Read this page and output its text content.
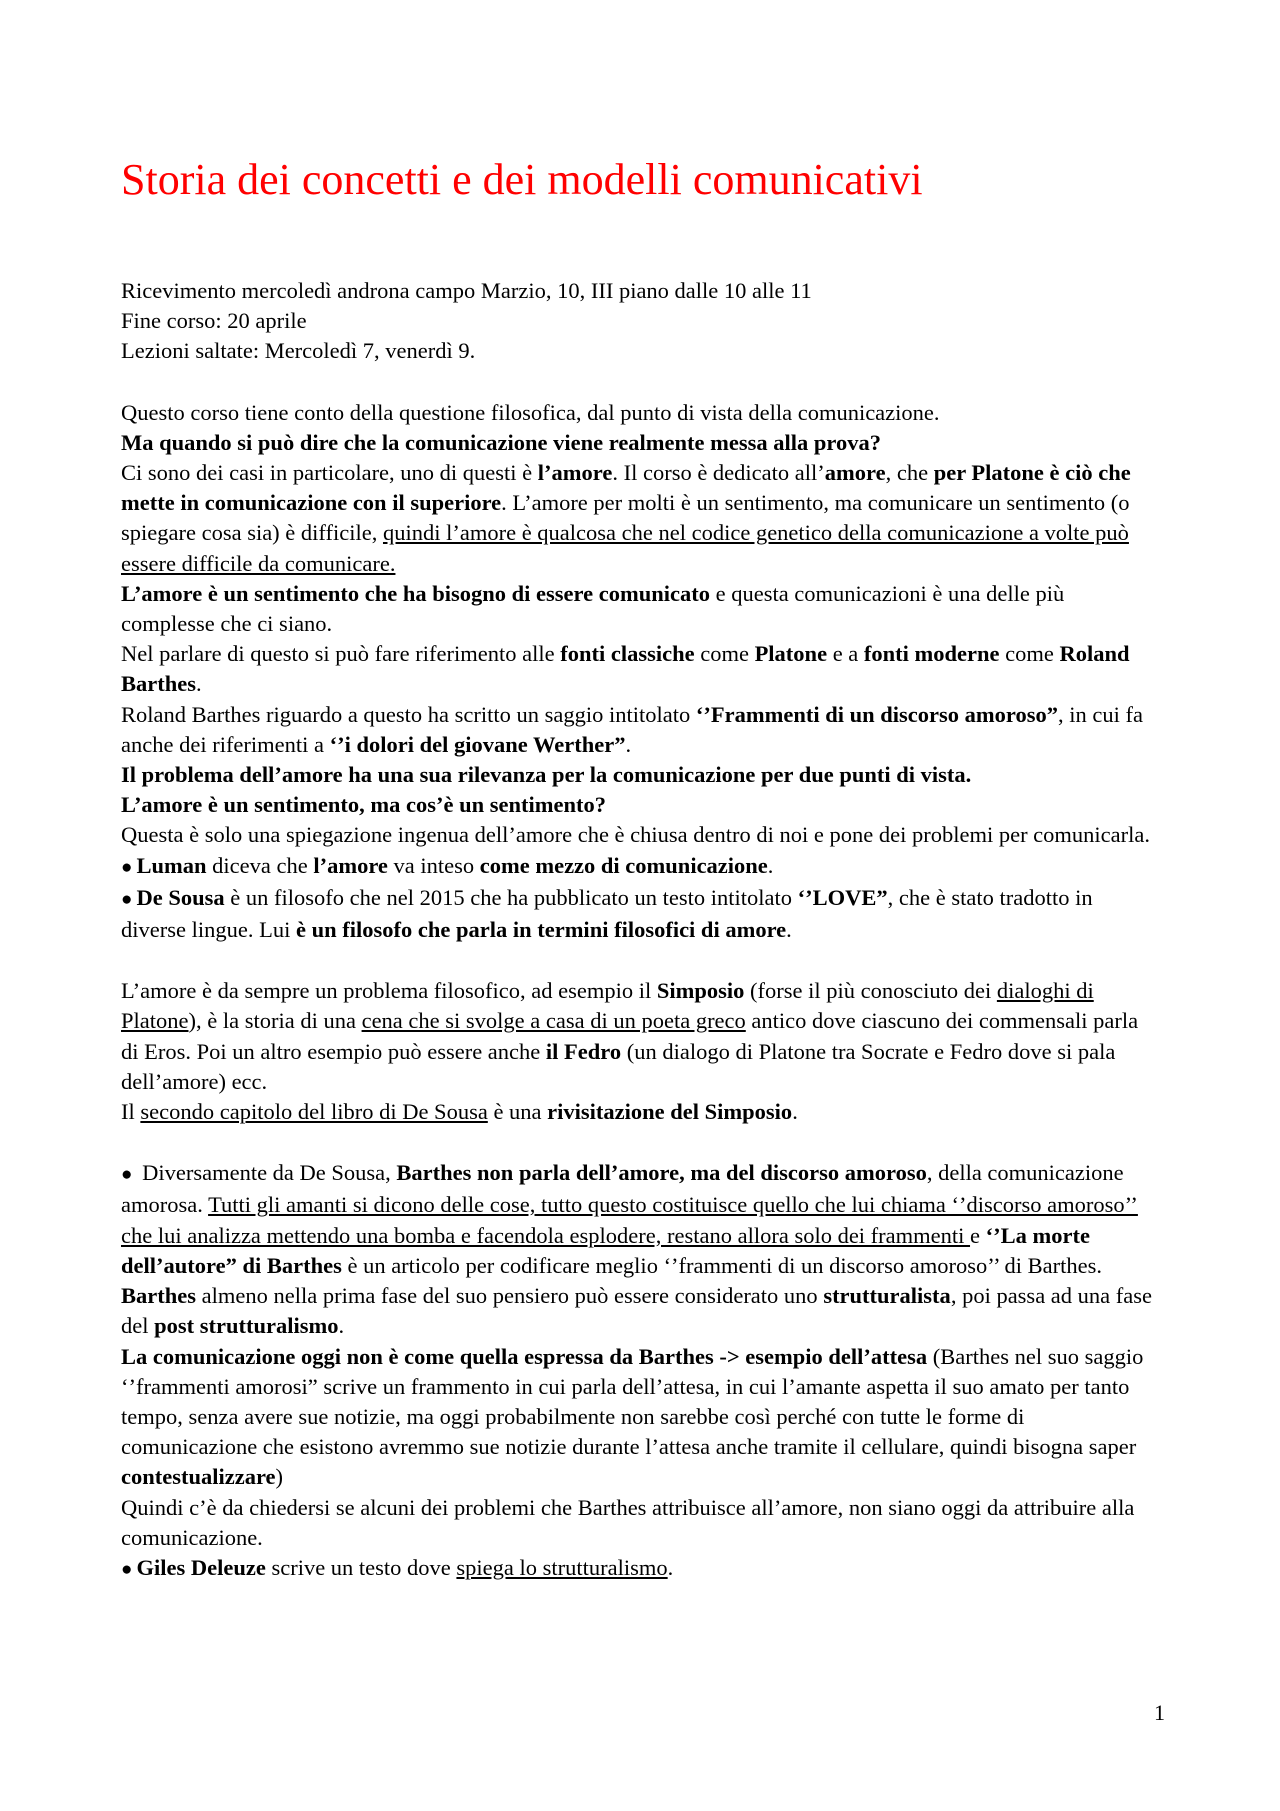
Storia dei concetti e dei modelli comunicativi

Ricevimento mercoledì androna campo Marzio, 10, III piano dalle 10 alle 11

Fine corso: 20 aprile

Lezioni saltate: Mercoledì 7, venerdì 9.

Questo corso tiene conto della questione filosofica, dal punto di vista della comunicazione.

Ma quando si può dire che la comunicazione viene realmente messa alla prova?

Ci sono dei casi in particolare, uno di questi è l’amore. Il corso è dedicato all’amore, che per Platone è ciò che mette in comunicazione con il superiore. L’amore per molti è un sentimento, ma comunicare un sentimento (o spiegare cosa sia) è difficile, quindi l’amore è qualcosa che nel codice genetico della comunicazione a volte può essere difficile da comunicare.

L’amore è un sentimento che ha bisogno di essere comunicato e questa comunicazioni è una delle più complesse che ci siano.

Nel parlare di questo si può fare riferimento alle fonti classiche come Platone e a fonti moderne come Roland Barthes.

Roland Barthes riguardo a questo ha scritto un saggio intitolato ‘’Frammenti di un discorso amoroso”, in cui fa anche dei riferimenti a ‘’i dolori del giovane Werther”.

Il problema dell’amore ha una sua rilevanza per la comunicazione per due punti di vista.

L’amore è un sentimento, ma cos’è un sentimento?

Questa è solo una spiegazione ingenua dell’amore che è chiusa dentro di noi e pone dei problemi per comunicarla.

● Luman diceva che l’amore va inteso come mezzo di comunicazione.

● De Sousa è un filosofo che nel 2015 che ha pubblicato un testo intitolato ‘’LOVE”, che è stato tradotto in diverse lingue. Lui è un filosofo che parla in termini filosofici di amore.

L’amore è da sempre un problema filosofico, ad esempio il Simposio (forse il più conosciuto dei dialoghi di Platone), è la storia di una cena che si svolge a casa di un poeta greco antico dove ciascuno dei commensali parla di Eros. Poi un altro esempio può essere anche il Fedro (un dialogo di Platone tra Socrate e Fedro dove si pala dell’amore) ecc.

Il secondo capitolo del libro di De Sousa è una rivisitazione del Simposio.

● Diversamente da De Sousa, Barthes non parla dell’amore, ma del discorso amoroso, della comunicazione amorosa. Tutti gli amanti si dicono delle cose, tutto questo costituisce quello che lui chiama ‘’discorso amoroso’’ che lui analizza mettendo una bomba e facendola esplodere, restano allora solo dei frammenti e ‘’La morte dell’autore” di Barthes è un articolo per codificare meglio ‘’frammenti di un discorso amoroso’’ di Barthes.

Barthes almeno nella prima fase del suo pensiero può essere considerato uno strutturalista, poi passa ad una fase del post strutturalismo.

La comunicazione oggi non è come quella espressa da Barthes -> esempio dell’attesa (Barthes nel suo saggio ‘’frammenti amorosi” scrive un frammento in cui parla dell’attesa, in cui l’amante aspetta il suo amato per tanto tempo, senza avere sue notizie, ma oggi probabilmente non sarebbe così perché con tutte le forme di comunicazione che esistono avremmo sue notizie durante l’attesa anche tramite il cellulare, quindi bisogna saper contestualizzare)

Quindi c’è da chiedersi se alcuni dei problemi che Barthes attribuisce all’amore, non siano oggi da attribuire alla comunicazione.

● Giles Deleuze scrive un testo dove spiega lo strutturalismo.

1
